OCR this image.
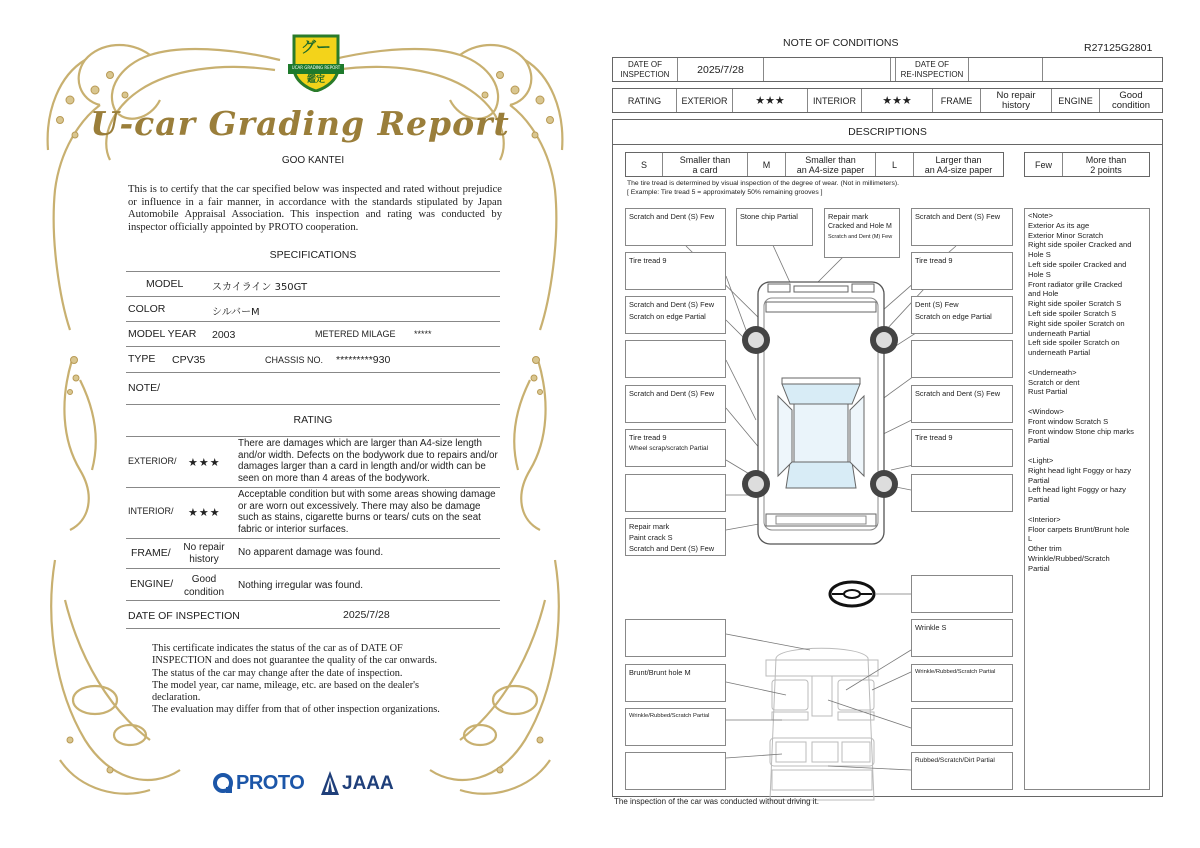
グー
UCAR GRADING REPORT
鑑定
U-car Grading Report
GOO KANTEI
This is to certify that the car specified below was inspected and rated without prejudice or influence in a fair manner, in accordance with the standards stipulated by Japan Automobile Appraisal Association. This inspection and rating was conducted by inspector officially appointed by PROTO cooperation.
SPECIFICATIONS
MODEL	スカイライン 350GT
COLOR	シルバーM
MODEL YEAR 2003	METERED MILAGE *****
TYPE CPV35	CHASSIS NO. *********930
NOTE/
RATING
EXTERIOR/ ★★★
There are damages which are larger than A4-size length and/or width. Defects on the bodywork due to repairs and/or damages larger than a card in length and/or width can be seen on more than 4 areas of the bodywork.
INTERIOR/ ★★★
Acceptable condition but with some areas showing damage or are worn out excessively. There may also be damage such as stains, cigarette burns or tears/ cuts on the seat fabric or interior surfaces.
FRAME/	No repair
history
No apparent damage was found.
ENGINE/	Good
condition
Nothing irregular was found.
DATE OF INSPECTION	2025/7/28
This certificate indicates the status of the car as of DATE OF
INSPECTION and does not guarantee the quality of the car onwards.
The status of the car may change after the date of inspection.
The model year, car name, mileage, etc. are based on the dealer's
declaration.
The evaluation may differ from that of other inspection organizations.
PROTO JAAA
NOTE OF CONDITIONS	R27125G2801
DATE OF
INSPECTION	2025/7/28	DATE OF
RE-INSPECTION
RATING	EXTERIOR	★★★	INTERIOR	★★★	FRAME	No repair
history	ENGINE	Good
condition
DESCRIPTIONS
S	Smaller than
a card	M	Smaller than
an A4-size paper	L	Larger than
an A4-size paper	Few	More than
2 points
The tire tread is determined by visual inspection of the degree of wear. (Not in millimeters).
[ Example: Tire tread 5 = approximately 50% remaining grooves ]
Scratch and Dent (S) Few	Stone chip Partial	Repair mark
Cracked and Hole M
Scratch and Dent (M) Few
Scratch and Dent (S) Few
Tire tread 9	Tire tread 9
Scratch and Dent (S) Few
Scratch on edge Partial
Dent (S) Few
Scratch on edge Partial
Scratch and Dent (S) Few	Scratch and Dent (S) Few
Tire tread 9
Wheel scrap/scratch Partial
Tire tread 9
Repair mark
Paint crack S
Scratch and Dent (S) Few
Wrinkle S
Brunt/Brunt hole M	Wrinkle/Rubbed/Scratch Partial
Wrinkle/Rubbed/Scratch Partial
Rubbed/Scratch/Dirt Partial
<Note>
Exterior As its age
Exterior Minor Scratch
Right side spoiler Cracked and
Hole S
Left side spoiler Cracked and
Hole S
Front radiator grille Cracked
and Hole
Right side spoiler Scratch S
Left side spoiler Scratch S
Right side spoiler Scratch on
underneath Partial
Left side spoiler Scratch on
underneath Partial
<Underneath>
Scratch or dent
Rust Partial
<Window>
Front window Scratch S
Front window Stone chip marks
Partial
<Light>
Right head light Foggy or hazy
Partial
Left head light Foggy or hazy
Partial
<Interior>
Floor carpets Brunt/Brunt hole
L
Other trim
Wrinkle/Rubbed/Scratch
Partial
The inspection of the car was conducted without driving it.
